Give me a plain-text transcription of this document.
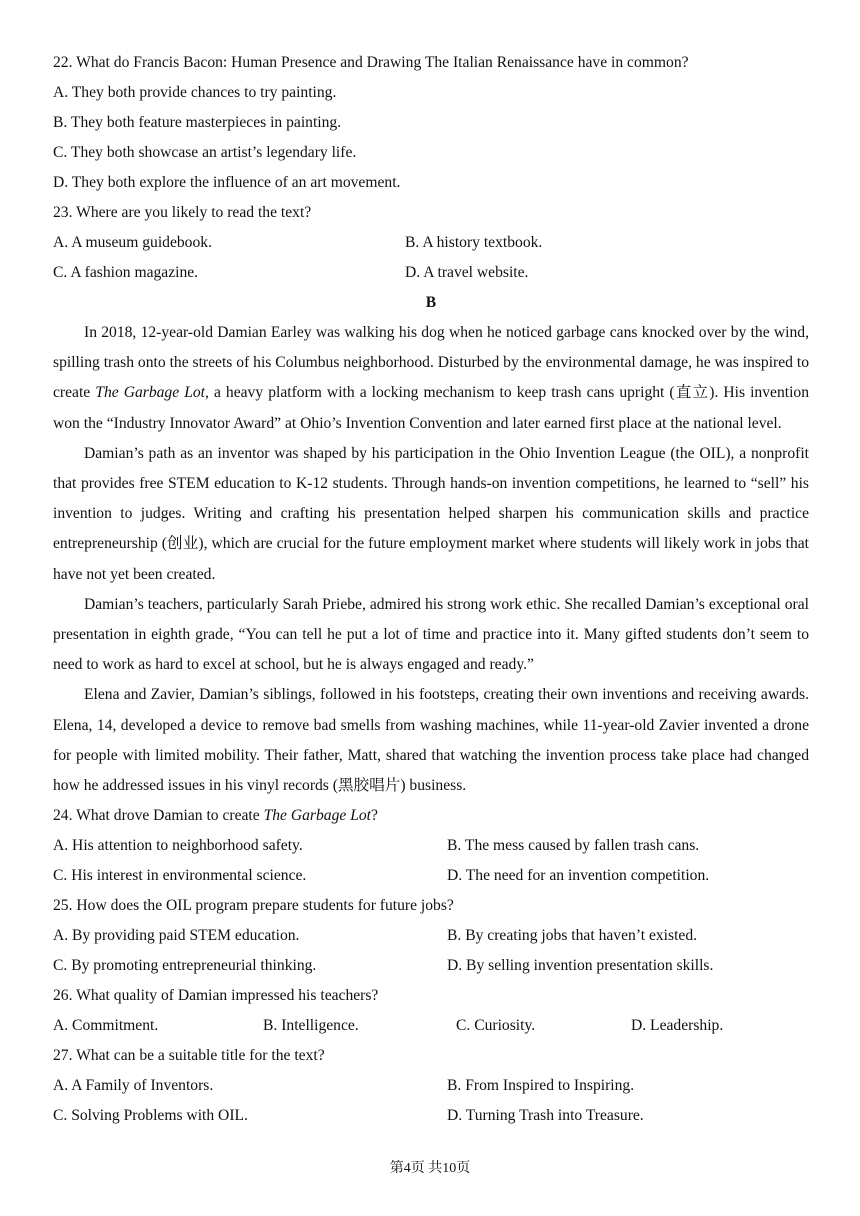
22. What do Francis Bacon: Human Presence and Drawing The Italian Renaissance have in common?
A. They both provide chances to try painting.
B. They both feature masterpieces in painting.
C. They both showcase an artist’s legendary life.
D. They both explore the influence of an art movement.
23. Where are you likely to read the text?
A. A museum guidebook.	B. A history textbook.
C. A fashion magazine.	D. A travel website.
B

In 2018, 12-year-old Damian Earley was walking his dog when he noticed garbage cans knocked over by the wind, spilling trash onto the streets of his Columbus neighborhood. Disturbed by the environmental damage, he was inspired to create The Garbage Lot, a heavy platform with a locking mechanism to keep trash cans upright (直立). His invention won the “Industry Innovator Award” at Ohio’s Invention Convention and later earned first place at the national level.

Damian’s path as an inventor was shaped by his participation in the Ohio Invention League (the OIL), a nonprofit that provides free STEM education to K-12 students. Through hands-on invention competitions, he learned to “sell” his invention to judges. Writing and crafting his presentation helped sharpen his communication skills and practice entrepreneurship (创业), which are crucial for the future employment market where students will likely work in jobs that have not yet been created.

Damian’s teachers, particularly Sarah Priebe, admired his strong work ethic. She recalled Damian’s exceptional oral presentation in eighth grade, “You can tell he put a lot of time and practice into it. Many gifted students don’t seem to need to work as hard to excel at school, but he is always engaged and ready.”

Elena and Zavier, Damian’s siblings, followed in his footsteps, creating their own inventions and receiving awards. Elena, 14, developed a device to remove bad smells from washing machines, while 11-year-old Zavier invented a drone for people with limited mobility. Their father, Matt, shared that watching the invention process take place had changed how he addressed issues in his vinyl records (黑胶唱片) business.

24. What drove Damian to create The Garbage Lot?
A. His attention to neighborhood safety.	B. The mess caused by fallen trash cans.
C. His interest in environmental science.	D. The need for an invention competition.
25. How does the OIL program prepare students for future jobs?
A. By providing paid STEM education.	B. By creating jobs that haven’t existed.
C. By promoting entrepreneurial thinking.	D. By selling invention presentation skills.
26. What quality of Damian impressed his teachers?
A. Commitment.	B. Intelligence.	C. Curiosity.	D. Leadership.
27. What can be a suitable title for the text?
A. A Family of Inventors.	B. From Inspired to Inspiring.
C. Solving Problems with OIL.	D. Turning Trash into Treasure.
第4页 共10页
